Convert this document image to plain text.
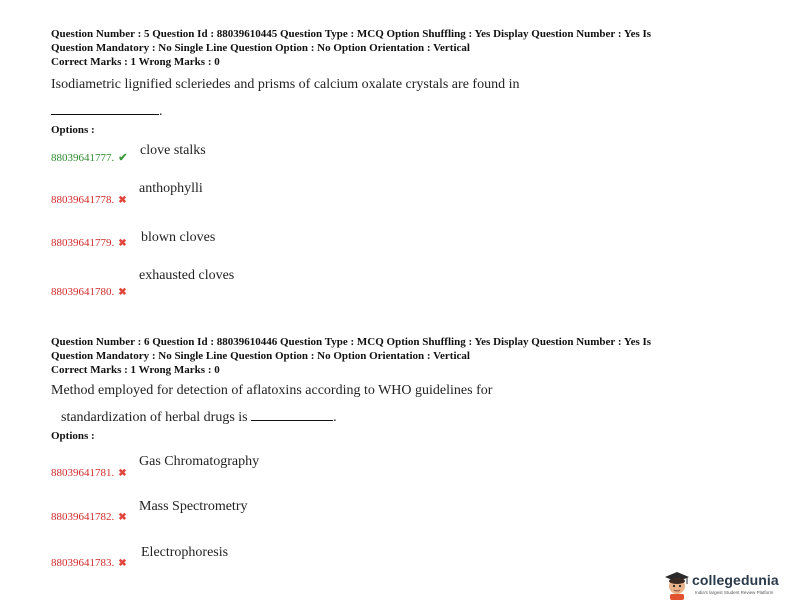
Question Number : 5 Question Id : 88039610445 Question Type : MCQ Option Shuffling : Yes Display Question Number : Yes Is
Question Mandatory : No Single Line Question Option : No Option Orientation : Vertical
Correct Marks : 1 Wrong Marks : 0
Isodiametric lignified scleriedes and prisms of calcium oxalate crystals are found in
.
Options :
88039641777. ✔ clove stalks
88039641778. ✖
anthophylli
88039641779. ✖ blown cloves
88039641780. ✖
exhausted cloves
Question Number : 6 Question Id : 88039610446 Question Type : MCQ Option Shuffling : Yes Display Question Number : Yes Is
Question Mandatory : No Single Line Question Option : No Option Orientation : Vertical
Correct Marks : 1 Wrong Marks : 0
Method employed for detection of aflatoxins according to WHO guidelines for
standardization of herbal drugs is	.
Options :
88039641781. ✖
Gas Chromatography
88039641782. ✖
Mass Spectrometry
88039641783. ✖
Electrophoresis
collegedunia
India's largest Student Review Platform
